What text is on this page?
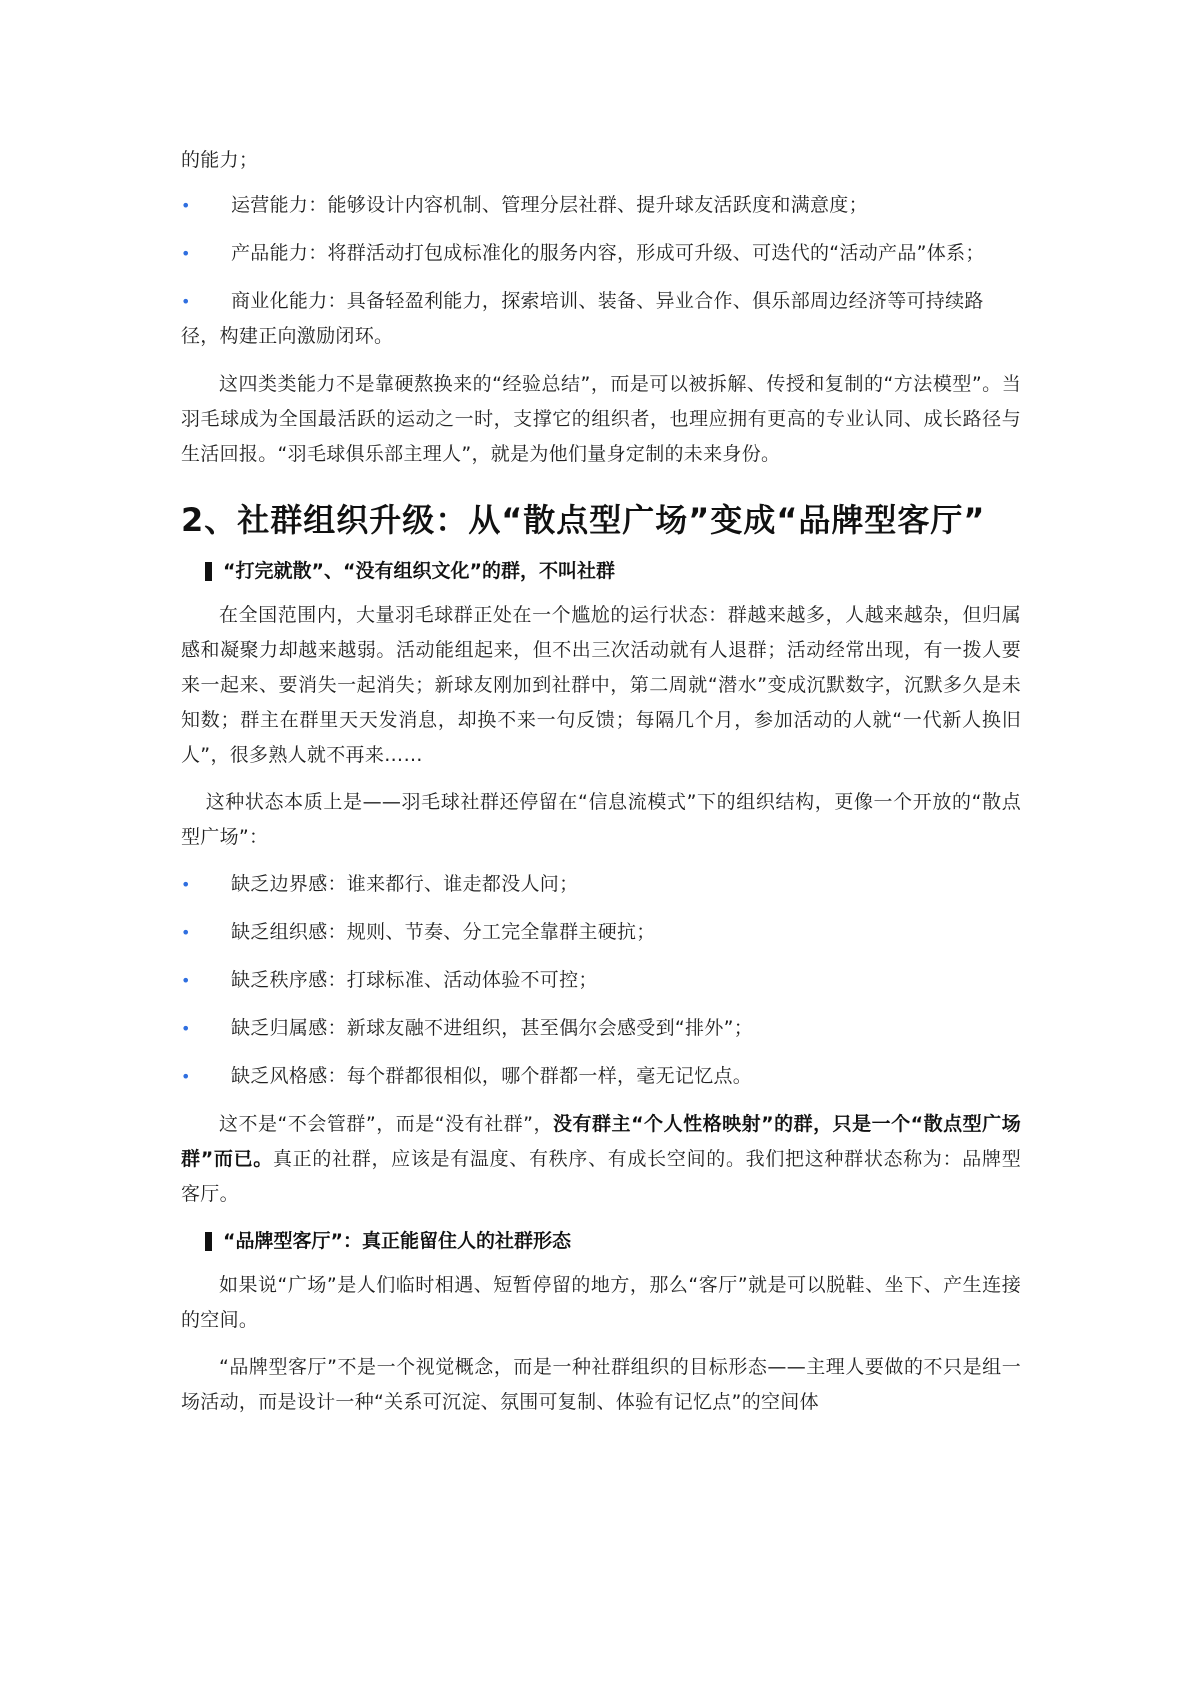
的能力；

•	运营能力：能够设计内容机制、管理分层社群、提升球友活跃度和满意度；
•	产品能力：将群活动打包成标准化的服务内容，形成可升级、可迭代的“活动产品”体系；
•	商业化能力：具备轻盈利能力，探索培训、装备、异业合作、俱乐部周边经济等可持续路径，构建正向激励闭环。

这四类类能力不是靠硬熬换来的“经验总结”，而是可以被拆解、传授和复制的“方法模型”。当羽毛球成为全国最活跃的运动之一时，支撑它的组织者，也理应拥有更高的专业认同、成长路径与生活回报。“羽毛球俱乐部主理人”，就是为他们量身定制的未来身份。

2、社群组织升级：从“散点型广场”变成“品牌型客厅”
“打完就散”、“没有组织文化”的群，不叫社群

在全国范围内，大量羽毛球群正处在一个尴尬的运行状态：群越来越多，人越来越杂，但归属感和凝聚力却越来越弱。活动能组起来，但不出三次活动就有人退群；活动经常出现，有一拨人要来一起来、要消失一起消失；新球友刚加到社群中，第二周就“潜水”变成沉默数字，沉默多久是未知数；群主在群里天天发消息，却换不来一句反馈；每隔几个月，参加活动的人就“一代新人换旧人”，很多熟人就不再来……

这种状态本质上是——羽毛球社群还停留在“信息流模式”下的组织结构，更像一个开放的“散点型广场”：

•	缺乏边界感：谁来都行、谁走都没人问；
•	缺乏组织感：规则、节奏、分工完全靠群主硬抗；
•	缺乏秩序感：打球标准、活动体验不可控；
•	缺乏归属感：新球友融不进组织，甚至偶尔会感受到“排外”；
•	缺乏风格感：每个群都很相似，哪个群都一样，毫无记忆点。

这不是“不会管群”，而是“没有社群”，没有群主“个人性格映射”的群，只是一个“散点型广场群”而已。真正的社群，应该是有温度、有秩序、有成长空间的。我们把这种群状态称为：品牌型客厅。

“品牌型客厅”：真正能留住人的社群形态

如果说“广场”是人们临时相遇、短暂停留的地方，那么“客厅”就是可以脱鞋、坐下、产生连接的空间。

“品牌型客厅”不是一个视觉概念，而是一种社群组织的目标形态——主理人要做的不只是组一场活动，而是设计一种“关系可沉淀、氛围可复制、体验有记忆点”的空间体
